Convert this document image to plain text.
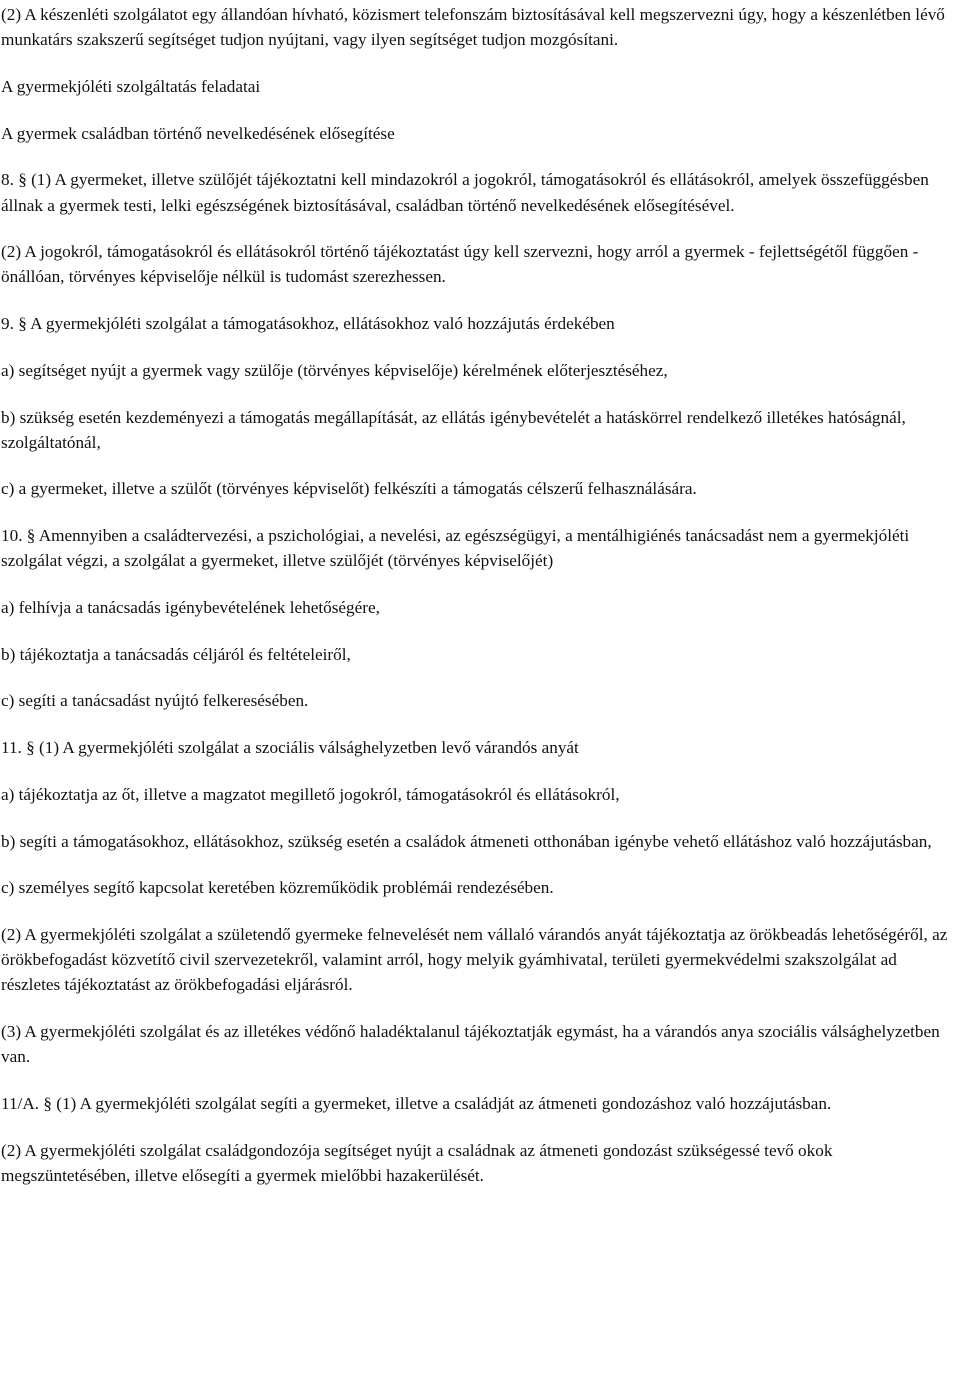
(2) A készenléti szolgálatot egy állandóan hívható, közismert telefonszám biztosításával kell megszervezni úgy, hogy a készenlétben lévő munkatárs szakszerű segítséget tudjon nyújtani, vagy ilyen segítséget tudjon mozgósítani.

A gyermekjóléti szolgáltatás feladatai

A gyermek családban történő nevelkedésének elősegítése

8. § (1) A gyermeket, illetve szülőjét tájékoztatni kell mindazokról a jogokról, támogatásokról és ellátásokról, amelyek összefüggésben állnak a gyermek testi, lelki egészségének biztosításával, családban történő nevelkedésének elősegítésével.

(2) A jogokról, támogatásokról és ellátásokról történő tájékoztatást úgy kell szervezni, hogy arról a gyermek - fejlettségétől függően - önállóan, törvényes képviselője nélkül is tudomást szerezhessen.

9. § A gyermekjóléti szolgálat a támogatásokhoz, ellátásokhoz való hozzájutás érdekében

a) segítséget nyújt a gyermek vagy szülője (törvényes képviselője) kérelmének előterjesztéséhez,

b) szükség esetén kezdeményezi a támogatás megállapítását, az ellátás igénybevételét a hatáskörrel rendelkező illetékes hatóságnál, szolgáltatónál,

c) a gyermeket, illetve a szülőt (törvényes képviselőt) felkészíti a támogatás célszerű felhasználására.

10. § Amennyiben a családtervezési, a pszichológiai, a nevelési, az egészségügyi, a mentálhigiénés tanácsadást nem a gyermekjóléti szolgálat végzi, a szolgálat a gyermeket, illetve szülőjét (törvényes képviselőjét)

a) felhívja a tanácsadás igénybevételének lehetőségére,

b) tájékoztatja a tanácsadás céljáról és feltételeiről,

c) segíti a tanácsadást nyújtó felkeresésében.

11. § (1) A gyermekjóléti szolgálat a szociális válsághelyzetben levő várandós anyát

a) tájékoztatja az őt, illetve a magzatot megillető jogokról, támogatásokról és ellátásokról,

b) segíti a támogatásokhoz, ellátásokhoz, szükség esetén a családok átmeneti otthonában igénybe vehető ellátáshoz való hozzájutásban,

c) személyes segítő kapcsolat keretében közreműködik problémái rendezésében.

(2) A gyermekjóléti szolgálat a születendő gyermeke felnevelését nem vállaló várandós anyát tájékoztatja az örökbeadás lehetőségéről, az örökbefogadást közvetítő civil szervezetekről, valamint arról, hogy melyik gyámhivatal, területi gyermekvédelmi szakszolgálat ad részletes tájékoztatást az örökbefogadási eljárásról.

(3) A gyermekjóléti szolgálat és az illetékes védőnő haladéktalanul tájékoztatják egymást, ha a várandós anya szociális válsághelyzetben van.

11/A. § (1) A gyermekjóléti szolgálat segíti a gyermeket, illetve a családját az átmeneti gondozáshoz való hozzájutásban.

(2) A gyermekjóléti szolgálat családgondozója segítséget nyújt a családnak az átmeneti gondozást szükségessé tevő okok megszüntetésében, illetve elősegíti a gyermek mielőbbi hazakerülését.
